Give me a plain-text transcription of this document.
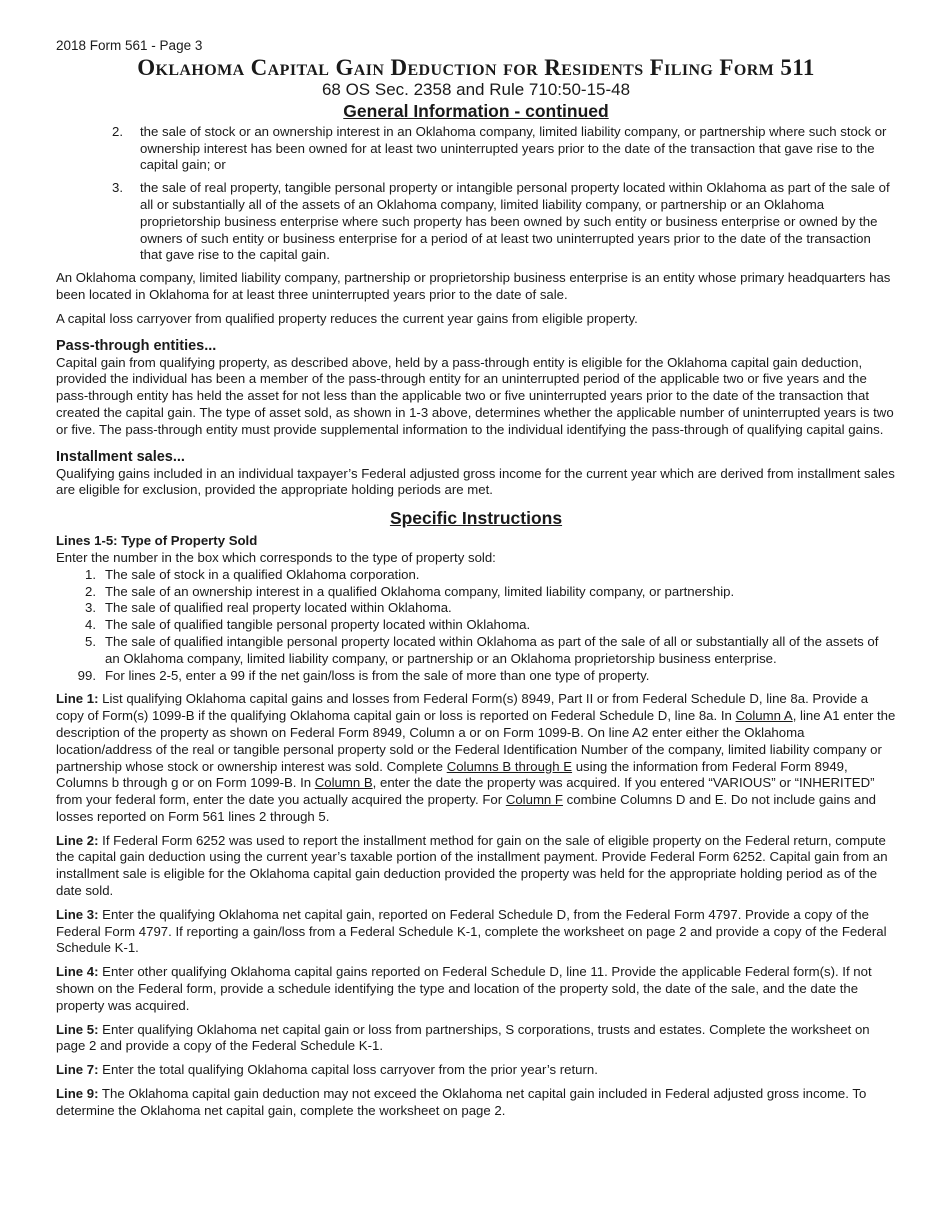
2018 Form 561 - Page 3
Oklahoma Capital Gain Deduction for Residents Filing Form 511
68 OS Sec. 2358 and Rule 710:50-15-48
General Information - continued
2.	the sale of stock or an ownership interest in an Oklahoma company, limited liability company, or partnership where such stock or ownership interest has been owned for at least two uninterrupted years prior to the date of the transaction that gave rise to the capital gain; or
3.	the sale of real property, tangible personal property or intangible personal property located within Oklahoma as part of the sale of all or substantially all of the assets of an Oklahoma company, limited liability company, or partnership or an Oklahoma proprietorship business enterprise where such property has been owned by such entity or business enterprise or owned by the owners of such entity or business enterprise for a period of at least two uninterrupted years prior to the date of the transaction that gave rise to the capital gain.

An Oklahoma company, limited liability company, partnership or proprietorship business enterprise is an entity whose primary headquarters has been located in Oklahoma for at least three uninterrupted years prior to the date of sale.

A capital loss carryover from qualified property reduces the current year gains from eligible property.

Pass-through entities...

Capital gain from qualifying property, as described above, held by a pass-through entity is eligible for the Oklahoma capital gain deduction, provided the individual has been a member of the pass-through entity for an uninterrupted period of the applicable two or five years and the pass-through entity has held the asset for not less than the applicable two or five uninterrupted years prior to the date of the transaction that created the capital gain. The type of asset sold, as shown in 1-3 above, determines whether the applicable number of uninterrupted years is two or five. The pass-through entity must provide supplemental information to the individual identifying the pass-through of qualifying capital gains.

Installment sales...

Qualifying gains included in an individual taxpayer’s Federal adjusted gross income for the current year which are derived from installment sales are eligible for exclusion, provided the appropriate holding periods are met.

Specific Instructions
Lines 1-5: Type of Property Sold
Enter the number in the box which corresponds to the type of property sold:
1. The sale of stock in a qualified Oklahoma corporation.
2. The sale of an ownership interest in a qualified Oklahoma company, limited liability company, or partnership.
3. The sale of qualified real property located within Oklahoma.
4. The sale of qualified tangible personal property located within Oklahoma.
5. The sale of qualified intangible personal property located within Oklahoma as part of the sale of all or substantially all of the assets of an Oklahoma company, limited liability company, or partnership or an Oklahoma proprietorship business enterprise.
99. For lines 2-5, enter a 99 if the net gain/loss is from the sale of more than one type of property.

Line 1: List qualifying Oklahoma capital gains and losses from Federal Form(s) 8949, Part II or from Federal Schedule D, line 8a. Provide a copy of Form(s) 1099-B if the qualifying Oklahoma capital gain or loss is reported on Federal Schedule D, line 8a. In Column A, line A1 enter the description of the property as shown on Federal Form 8949, Column a or on Form 1099-B. On line A2 enter either the Oklahoma location/address of the real or tangible personal property sold or the Federal Identification Number of the company, limited liability company or partnership whose stock or ownership interest was sold. Complete Columns B through E using the information from Federal Form 8949, Columns b through g or on Form 1099-B. In Column B, enter the date the property was acquired. If you entered “VARIOUS” or “INHERITED” from your federal form, enter the date you actually acquired the property. For Column F combine Columns D and E. Do not include gains and losses reported on Form 561 lines 2 through 5.

Line 2: If Federal Form 6252 was used to report the installment method for gain on the sale of eligible property on the Federal return, compute the capital gain deduction using the current year’s taxable portion of the installment payment. Provide Federal Form 6252. Capital gain from an installment sale is eligible for the Oklahoma capital gain deduction provided the property was held for the appropriate holding period as of the date sold.

Line 3: Enter the qualifying Oklahoma net capital gain, reported on Federal Schedule D, from the Federal Form 4797. Provide a copy of the Federal Form 4797. If reporting a gain/loss from a Federal Schedule K-1, complete the worksheet on page 2 and provide a copy of the Federal Schedule K-1.

Line 4: Enter other qualifying Oklahoma capital gains reported on Federal Schedule D, line 11. Provide the applicable Federal form(s). If not shown on the Federal form, provide a schedule identifying the type and location of the property sold, the date of the sale, and the date the property was acquired.

Line 5: Enter qualifying Oklahoma net capital gain or loss from partnerships, S corporations, trusts and estates. Complete the worksheet on page 2 and provide a copy of the Federal Schedule K-1.

Line 7: Enter the total qualifying Oklahoma capital loss carryover from the prior year’s return.

Line 9: The Oklahoma capital gain deduction may not exceed the Oklahoma net capital gain included in Federal adjusted gross income. To determine the Oklahoma net capital gain, complete the worksheet on page 2.
